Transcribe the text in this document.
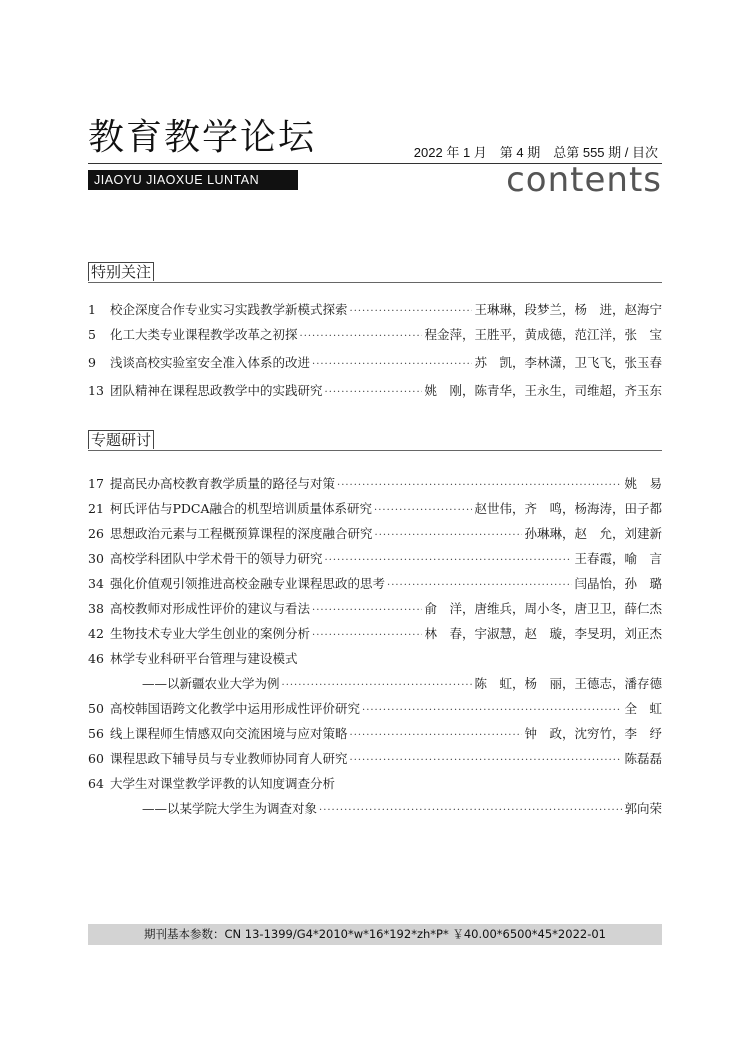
教育教学论坛	2022 年 1 月　第 4 期　总第 555 期 / 目次
JIAOYU JIAOXUE LUNTAN	contents
特别关注
1	校企深度合作专业实习实践教学新模式探索 ·····	王琳琳，段梦兰，杨　进，赵海宁
5	化工大类专业课程教学改革之初探 ·····	程金萍，王胜平，黄成德，范江洋，张　宝
9	浅谈高校实验室安全准入体系的改进 ·····	苏　凯，李林潇，卫飞飞，张玉春
13 团队精神在课程思政教学中的实践研究 ·····	姚　刚，陈青华，王永生，司维超，齐玉东
专题研讨
17 提高民办高校教育教学质量的路径与对策 ·····	姚　易
21 柯氏评估与PDCA融合的机型培训质量体系研究 ·····	赵世伟，齐　鸣，杨海涛，田子都
26 思想政治元素与工程概预算课程的深度融合研究 ·····	孙琳琳，赵　允，刘建新
30 高校学科团队中学术骨干的领导力研究 ·····	王春霞，喻　言
34 强化价值观引领推进高校金融专业课程思政的思考 ·····	闫晶怡，孙　璐
38 高校教师对形成性评价的建议与看法 ·····	俞　洋，唐维兵，周小冬，唐卫卫，薛仁杰
42 生物技术专业大学生创业的案例分析 ·····	林　春，宇淑慧，赵　璇，李旻玥，刘正杰
46 林学专业科研平台管理与建设模式
——以新疆农业大学为例 ·····	陈　虹，杨　丽，王德志，潘存德
50 高校韩国语跨文化教学中运用形成性评价研究 ·····	全　虹
56 线上课程师生情感双向交流困境与应对策略 ·····	钟　政，沈穷竹，李　纾
60 课程思政下辅导员与专业教师协同育人研究 ·····	陈磊磊
64 大学生对课堂教学评教的认知度调查分析
——以某学院大学生为调查对象 ·····	郭向荣
期刊基本参数：CN 13-1399/G4*2010*w*16*192*zh*P* ￥40.00*6500*45*2022-01
